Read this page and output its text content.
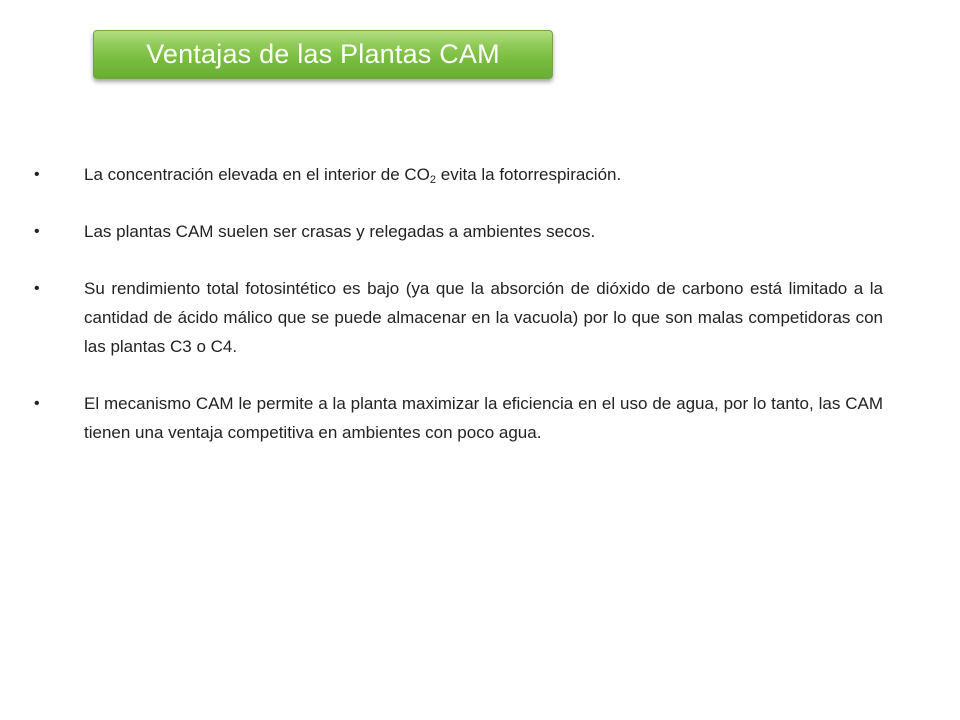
Ventajas de las Plantas CAM
• La concentración elevada en el interior de $CO_2$ evita la fotorrespiración.
• Las plantas CAM suelen ser crasas y relegadas a ambientes secos.
• Su rendimiento total fotosintético es bajo (ya que la absorción de dióxido de carbono está limitado a la cantidad de ácido málico que se puede almacenar en la vacuola) por lo que son malas competidoras con las plantas C3 o C4.
• El mecanismo CAM le permite a la planta maximizar la eficiencia en el uso de agua, por lo tanto, las CAM tienen una ventaja competitiva en ambientes con poco agua.
